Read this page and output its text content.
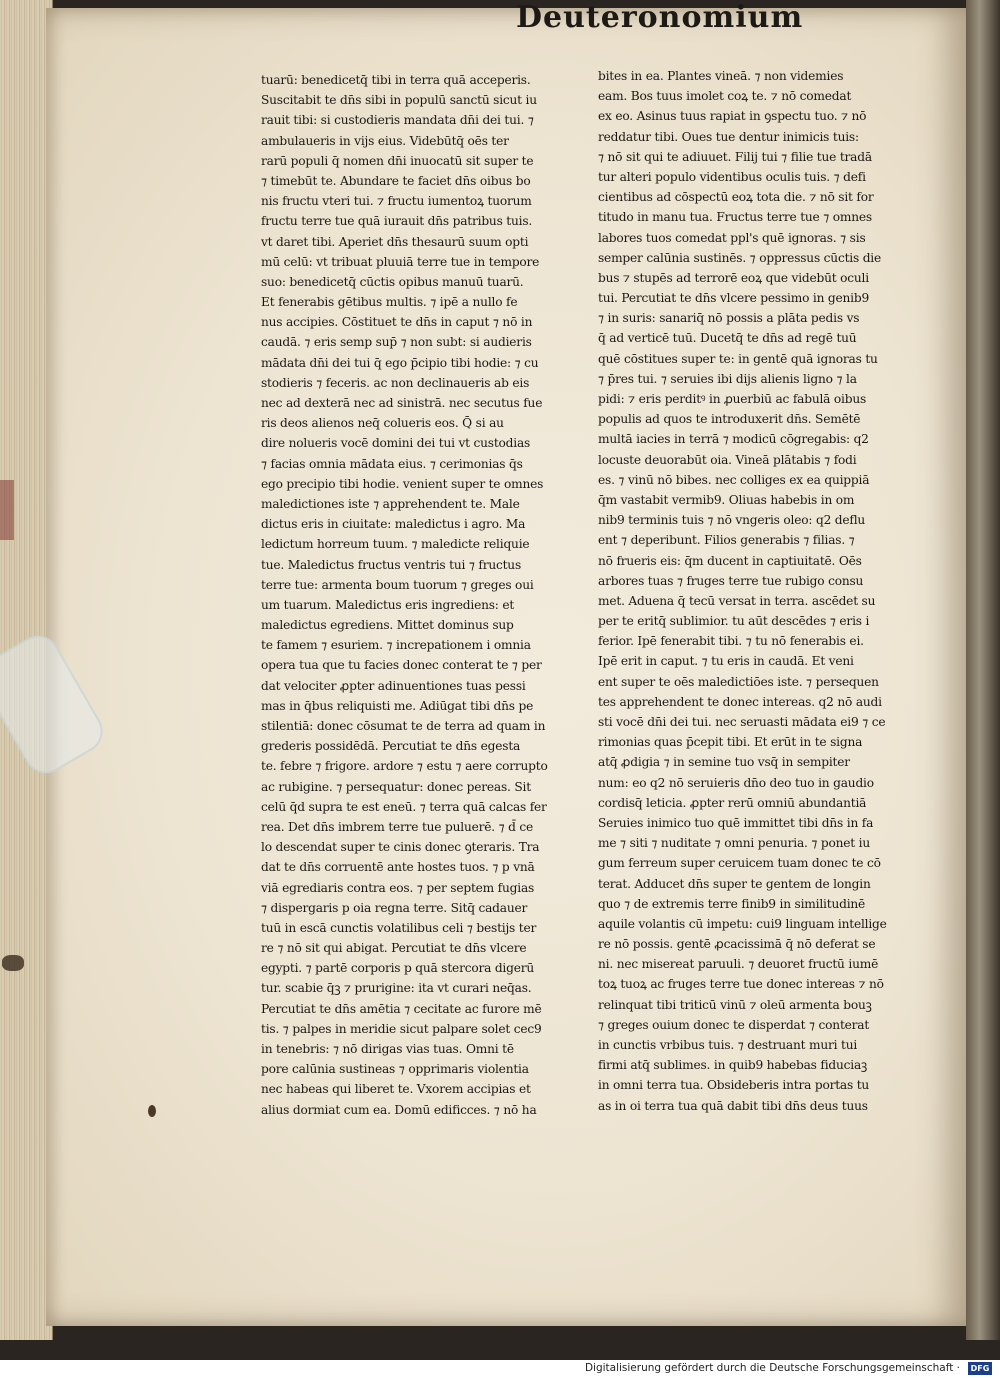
Deuteronomium
tuarū: benedicetq̄ tibi in terra quā acceperis.
Suscitabit te dn̄s sibi in populū sanctū sicut iu
rauit tibi: si custodieris mandata dn̄i dei tui. ⁊
ambulaueris in vijs eius. Videbūtq̄ oēs ter
rarū populi q̄ nomen dn̄i inuocatū sit super te
⁊ timebūt te. Abundare te faciet dn̄s oibus bo
nis fructu vteri tui. ⁊ fructu iumentoꝝ tuorum
fructu terre tue quā iurauit dn̄s patribus tuis.
vt daret tibi. Aperiet dn̄s thesaurū suum opti
mū celū: vt tribuat pluuiā terre tue in tempore
suo: benedicetq̄ cūctis opibus manuū tuarū.
Et fenerabis gētibus multis. ⁊ ipē a nullo fe
nus accipies. Cōstituet te dn̄s in caput ⁊ nō in
caudā. ⁊ eris semp sup̄ ⁊ non subt: si audieris
mādata dn̄i dei tui q̄ ego p̄cipio tibi hodie: ⁊ cu
stodieris ⁊ feceris. ac non declinaueris ab eis
nec ad dexterā nec ad sinistrā. nec secutus fue
ris deos alienos neq̄ colueris eos. Q̄ si au
dire nolueris vocē domini dei tui vt custodias
⁊ facias omnia mādata eius. ⁊ cerimonias q̄s
ego precipio tibi hodie. venient super te omnes
maledictiones iste ⁊ apprehendent te. Male
dictus eris in ciuitate: maledictus i agro. Ma
ledictum horreum tuum. ⁊ maledicte reliquie
tue. Maledictus fructus ventris tui ⁊ fructus
terre tue: armenta boum tuorum ⁊ greges oui
um tuarum. Maledictus eris ingrediens: et
maledictus egrediens. Mittet dominus sup
te famem ⁊ esuriem. ⁊ increpationem i omnia
opera tua que tu facies donec conterat te ⁊ per
dat velociter ꝓpter adinuentiones tuas pessi
mas in q̄bus reliquisti me. Adiūgat tibi dn̄s pe
stilentiā: donec cōsumat te de terra ad quam in
grederis possidēdā. Percutiat te dn̄s egesta
te. febre ⁊ frigore. ardore ⁊ estu ⁊ aere corrupto
ac rubigine. ⁊ persequatur: donec pereas. Sit
celū q̄d supra te est eneū. ⁊ terra quā calcas fer
rea. Det dn̄s imbrem terre tue puluerē. ⁊ d̄ ce
lo descendat super te cinis donec ꝯteraris. Tra
dat te dn̄s corruentē ante hostes tuos. ⁊ p vnā
viā egrediaris contra eos. ⁊ per septem fugias
⁊ dispergaris p oia regna terre. Sitq̄ cadauer
tuū in escā cunctis volatilibus celi ⁊ bestijs ter
re ⁊ nō sit qui abigat. Percutiat te dn̄s vlcere
egypti. ⁊ partē corporis p quā stercora digerū
tur. scabie q̄ꝫ ⁊ prurigine: ita vt curari neq̄as.
Percutiat te dn̄s amētia ⁊ cecitate ac furore mē
tis. ⁊ palpes in meridie sicut palpare solet cec9
in tenebris: ⁊ nō dirigas vias tuas. Omni tē
pore calūnia sustineas ⁊ opprimaris violentia
nec habeas qui liberet te. Vxorem accipias et
alius dormiat cum ea. Domū edificces. ⁊ nō ha
bites in ea. Plantes vineā. ⁊ non videmies
eam. Bos tuus imolet coꝝ te. ⁊ nō comedat
ex eo. Asinus tuus rapiat in ꝯspectu tuo. ⁊ nō
reddatur tibi. Oues tue dentur inimicis tuis:
⁊ nō sit qui te adiuuet. Filij tui ⁊ filie tue tradā
tur alteri populo videntibus oculis tuis. ⁊ defi
cientibus ad cōspectū eoꝝ tota die. ⁊ nō sit for
titudo in manu tua. Fructus terre tue ⁊ omnes
labores tuos comedat ppl's quē ignoras. ⁊ sis
semper calūnia sustinēs. ⁊ oppressus cūctis die
bus ⁊ stupēs ad terrorē eoꝝ que videbūt oculi
tui. Percutiat te dn̄s vlcere pessimo in genib9
⁊ in suris: sanariq̄ nō possis a plāta pedis vs
q̄ ad verticē tuū. Ducetq̄ te dn̄s ad regē tuū
quē cōstitues super te: in gentē quā ignoras tu
⁊ p̄res tui. ⁊ seruies ibi dijs alienis ligno ⁊ la
pidi: ⁊ eris perditꝰ in ꝓuerbiū ac fabulā oibus
populis ad quos te introduxerit dn̄s. Semētē
multā iacies in terrā ⁊ modicū cōgregabis: q2
locuste deuorabūt oia. Vineā plātabis ⁊ fodi
es. ⁊ vinū nō bibes. nec colliges ex ea quippiā
q̄m vastabit vermib9. Oliuas habebis in om
nib9 terminis tuis ⁊ nō vngeris oleo: q2 deflu
ent ⁊ deperibunt. Filios generabis ⁊ filias. ⁊
nō frueris eis: q̄m ducent in captiuitatē. Oēs
arbores tuas ⁊ fruges terre tue rubigo consu
met. Aduena q̄ tecū versat in terra. ascēdet su
per te eritq̄ sublimior. tu aūt descēdes ⁊ eris i
ferior. Ipē fenerabit tibi. ⁊ tu nō fenerabis ei.
Ipē erit in caput. ⁊ tu eris in caudā. Et veni
ent super te oēs maledictiōes iste. ⁊ persequen
tes apprehendent te donec intereas. q2 nō audi
sti vocē dn̄i dei tui. nec seruasti mādata ei9 ⁊ ce
rimonias quas p̄cepit tibi. Et erūt in te signa
atq̄ ꝓdigia ⁊ in semine tuo vsq̄ in sempiter
num: eo q2 nō seruieris dn̄o deo tuo in gaudio
cordisq̄ leticia. ꝓpter rerū omniū abundantiā
Seruies inimico tuo quē immittet tibi dn̄s in fa
me ⁊ siti ⁊ nuditate ⁊ omni penuria. ⁊ ponet iu
gum ferreum super ceruicem tuam donec te cō
terat. Adducet dn̄s super te gentem de longin
quo ⁊ de extremis terre finib9 in similitudinē
aquile volantis cū impetu: cui9 linguam intellige
re nō possis. gentē ꝓcacissimā q̄ nō deferat se
ni. nec misereat paruuli. ⁊ deuoret fructū iumē
toꝝ tuoꝝ ac fruges terre tue donec intereas ⁊ nō
relinquat tibi triticū vinū ⁊ oleū armenta bouꝫ
⁊ greges ouium donec te disperdat ⁊ conterat
in cunctis vrbibus tuis. ⁊ destruant muri tui
firmi atq̄ sublimes. in quib9 habebas fiduciaꝫ
in omni terra tua. Obsideberis intra portas tu
as in oi terra tua quā dabit tibi dn̄s deus tuus
Digitalisierung gefördert durch die Deutsche Forschungsgemeinschaft ·	DFG
